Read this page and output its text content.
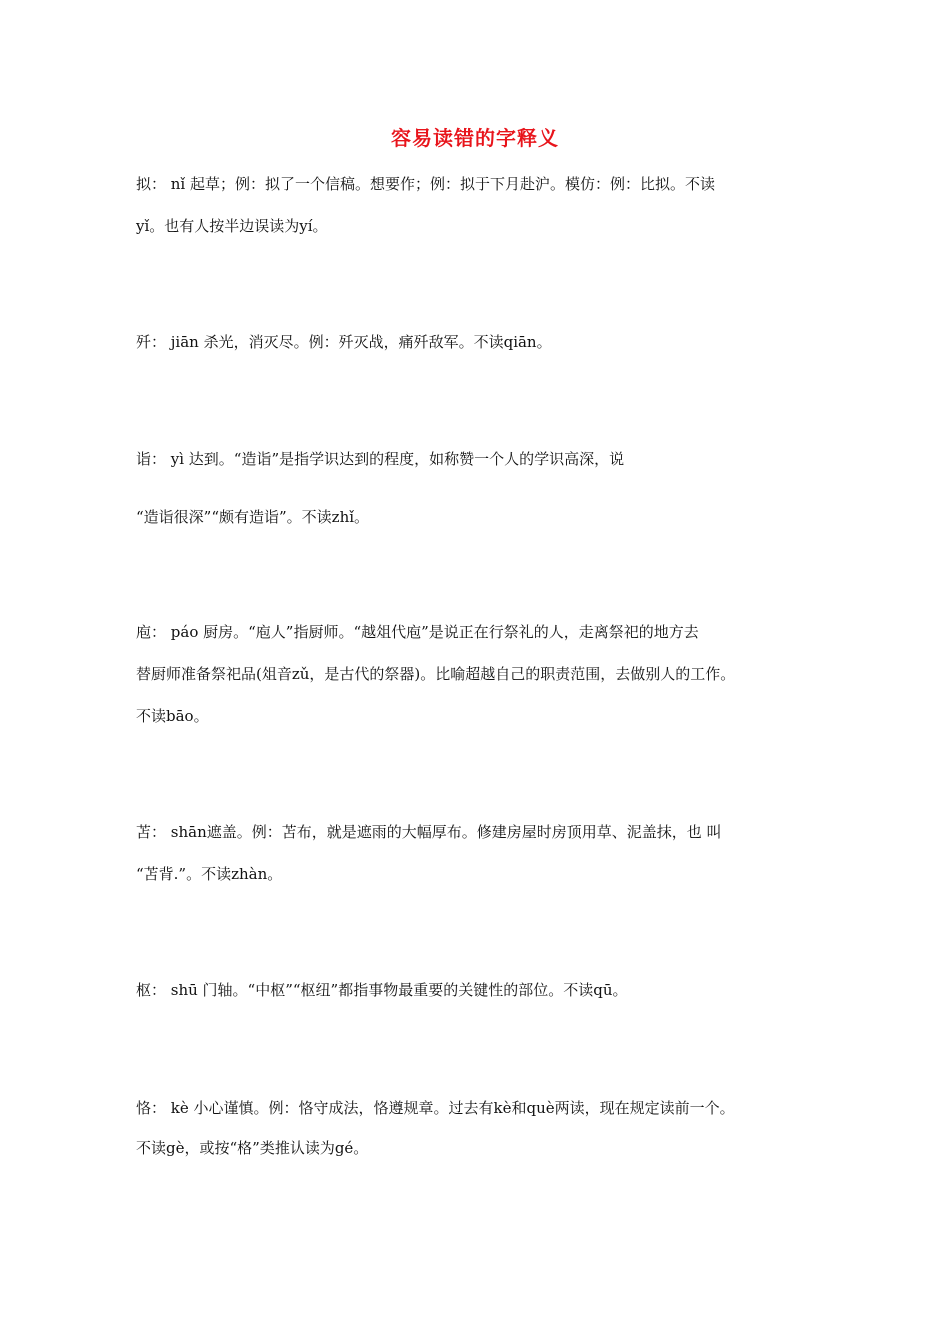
容易读错的字释义
拟： nǐ 起草；例：拟了一个信稿。想要作；例：拟于下月赴沪。模仿：例：比拟。不读
yǐ。也有人按半边误读为yí。
歼： jiān 杀光，消灭尽。例：歼灭战，痛歼敌军。不读qiān。
诣： yì 达到。“造诣”是指学识达到的程度，如称赞一个人的学识高深，说
“造诣很深”“颇有造诣”。不读zhǐ。
庖： páo 厨房。“庖人”指厨师。“越俎代庖”是说正在行祭礼的人，走离祭祀的地方去
替厨师准备祭祀品(俎音zǔ，是古代的祭器)。比喻超越自己的职责范围，去做别人的工作。
不读bāo。
苫： shān遮盖。例：苫布，就是遮雨的大幅厚布。修建房屋时房顶用草、泥盖抹，也 叫
“苫背.”。不读zhàn。
枢： shū 门轴。“中枢”“枢纽”都指事物最重要的关键性的部位。不读qū。
恪： kè 小心谨慎。例：恪守成法，恪遵规章。过去有kè和què两读，现在规定读前一个。
不读gè，或按“格”类推认读为gé。
